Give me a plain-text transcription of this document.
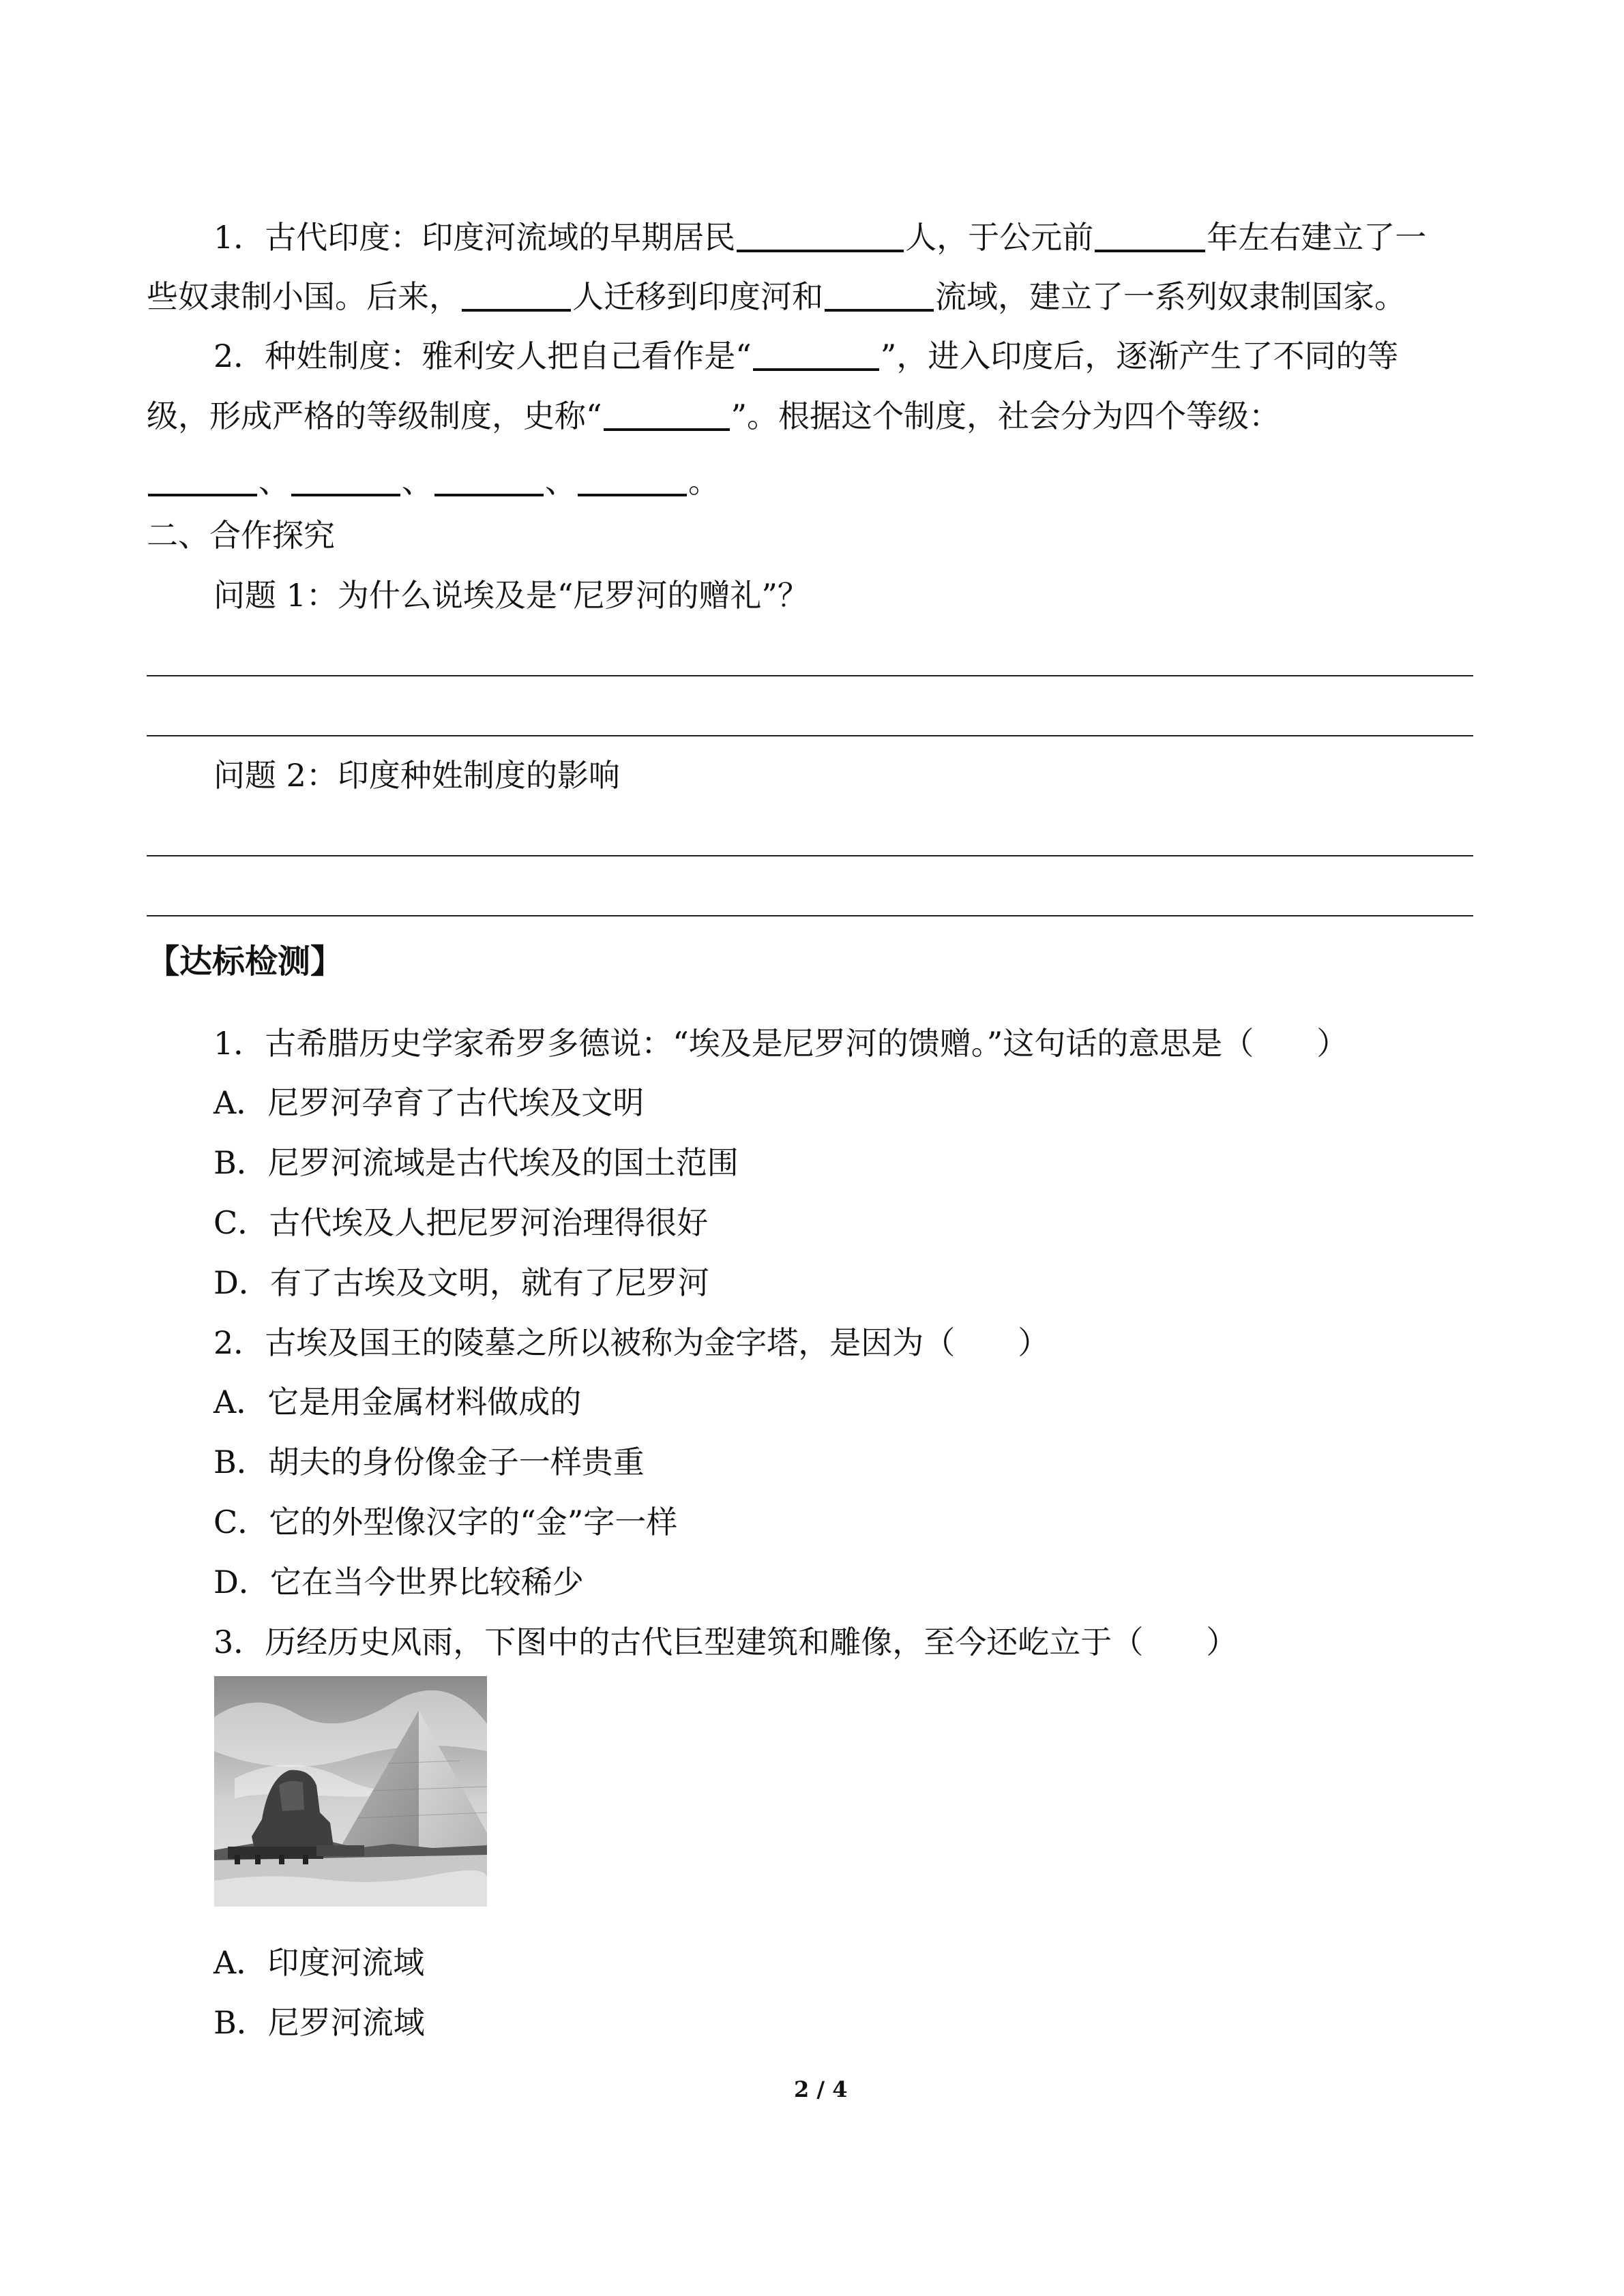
1．古代印度：印度河流域的早期居民	人，于公元前	年左右建立了一
些奴隶制小国。后来，	人迁移到印度河和	流域，建立了一系列奴隶制国家。
2．种姓制度：雅利安人把自己看作是“	”，进入印度后，逐渐产生了不同的等
级，形成严格的等级制度，史称“	”。根据这个制度，社会分为四个等级：
、	、	、	。
二、合作探究
问题 1：为什么说埃及是“尼罗河的赠礼”？
问题 2：印度种姓制度的影响
【达标检测】
1．古希腊历史学家希罗多德说：“埃及是尼罗河的馈赠。”这句话的意思是（　　）
A．尼罗河孕育了古代埃及文明
B．尼罗河流域是古代埃及的国土范围
C．古代埃及人把尼罗河治理得很好
D．有了古埃及文明，就有了尼罗河
2．古埃及国王的陵墓之所以被称为金字塔，是因为（　　）
A．它是用金属材料做成的
B．胡夫的身份像金子一样贵重
C．它的外型像汉字的“金”字一样
D．它在当今世界比较稀少
3．历经历史风雨，下图中的古代巨型建筑和雕像，至今还屹立于（　　）
A．印度河流域
B．尼罗河流域
2 / 4
